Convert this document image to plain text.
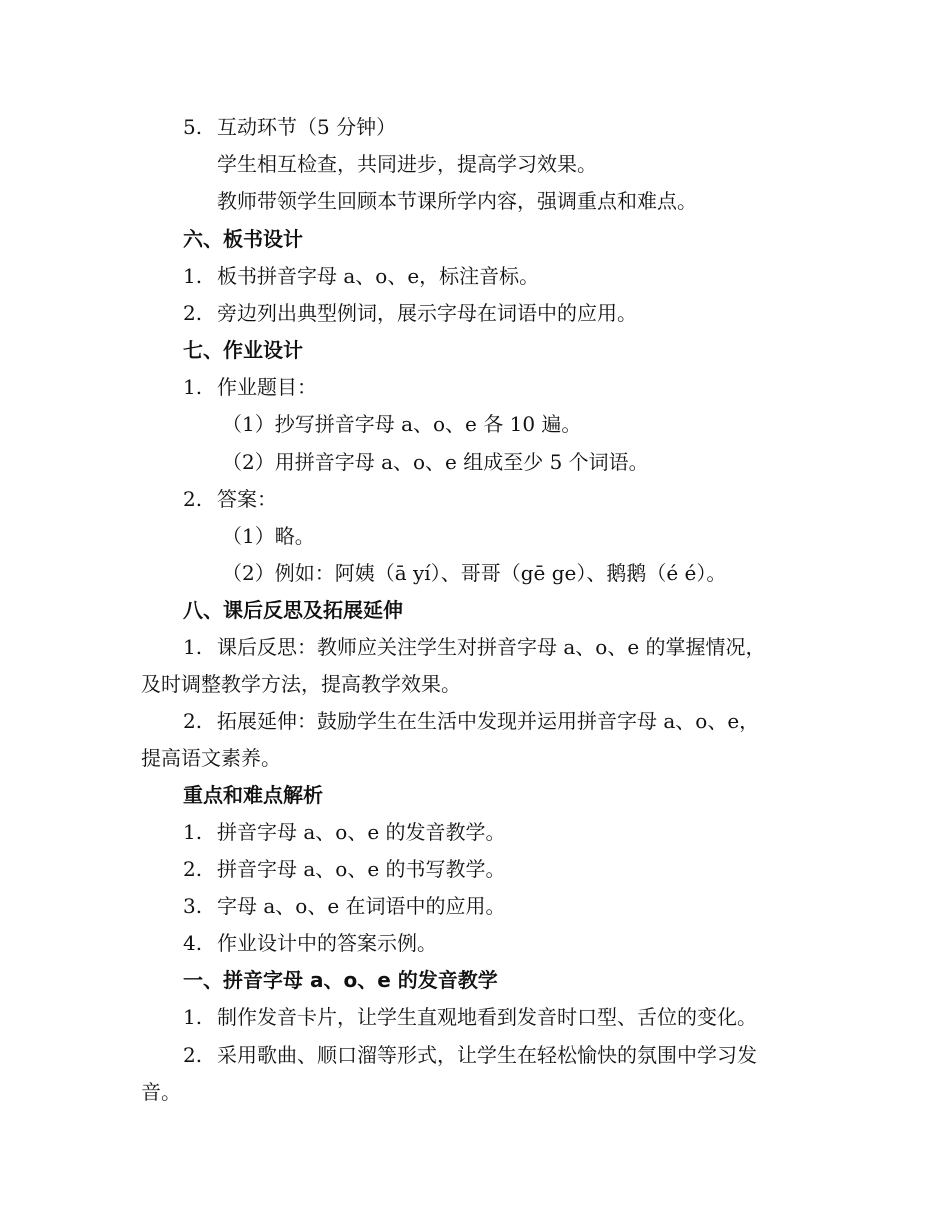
5. 互动环节（5 分钟）
学生相互检查，共同进步，提高学习效果。
教师带领学生回顾本节课所学内容，强调重点和难点。
六、板书设计
1. 板书拼音字母 a、o、e，标注音标。
2. 旁边列出典型例词，展示字母在词语中的应用。
七、作业设计
1. 作业题目：
（1）抄写拼音字母 a、o、e 各 10 遍。
（2）用拼音字母 a、o、e 组成至少 5 个词语。
2. 答案：
（1）略。
（2）例如：阿姨（ā yí）、哥哥（gē ge）、鹅鹅（é é）。
八、课后反思及拓展延伸
1. 课后反思：教师应关注学生对拼音字母 a、o、e 的掌握情况，
及时调整教学方法，提高教学效果。
2. 拓展延伸：鼓励学生在生活中发现并运用拼音字母 a、o、e，
提高语文素养。
重点和难点解析
1. 拼音字母 a、o、e 的发音教学。
2. 拼音字母 a、o、e 的书写教学。
3. 字母 a、o、e 在词语中的应用。
4. 作业设计中的答案示例。
一、拼音字母 a、o、e 的发音教学
1. 制作发音卡片，让学生直观地看到发音时口型、舌位的变化。
2. 采用歌曲、顺口溜等形式，让学生在轻松愉快的氛围中学习发
音。
